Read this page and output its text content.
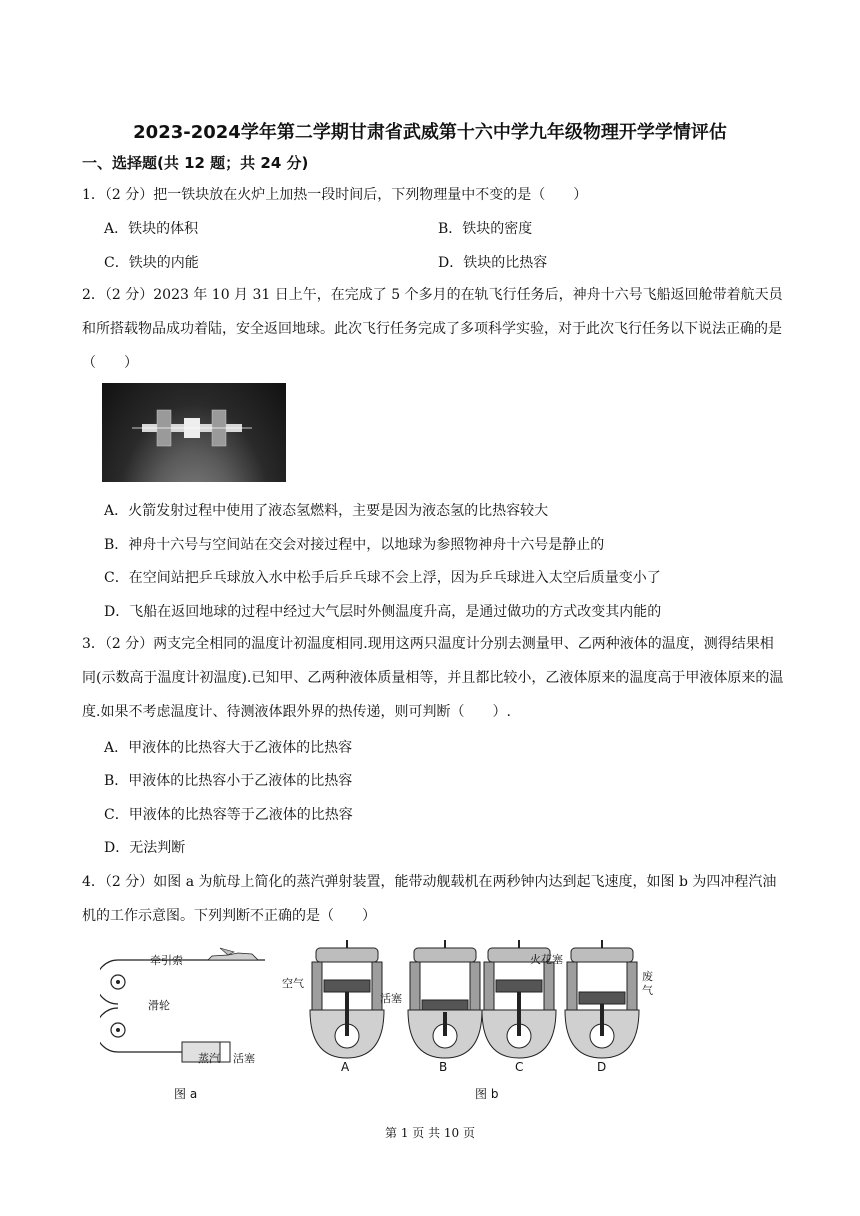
2023-2024学年第二学期甘肃省武威第十六中学九年级物理开学学情评估
一、选择题(共 12 题；共 24 分)
1．（2 分）把一铁块放在火炉上加热一段时间后，下列物理量中不变的是（　　）
A．铁块的体积	B．铁块的密度
C．铁块的内能	D．铁块的比热容
2．（2 分）2023 年 10 月 31 日上午，在完成了 5 个多月的在轨飞行任务后，神舟十六号飞船返回舱带着航天员和所搭载物品成功着陆，安全返回地球。此次飞行任务完成了多项科学实验，对于此次飞行任务以下说法正确的是（　　）
A．火箭发射过程中使用了液态氢燃料，主要是因为液态氢的比热容较大
B．神舟十六号与空间站在交会对接过程中，以地球为参照物神舟十六号是静止的
C．在空间站把乒乓球放入水中松手后乒乓球不会上浮，因为乒乓球进入太空后质量变小了
D．飞船在返回地球的过程中经过大气层时外侧温度升高，是通过做功的方式改变其内能的
3．（2 分）两支完全相同的温度计初温度相同.现用这两只温度计分别去测量甲、乙两种液体的温度，测得结果相同(示数高于温度计初温度).已知甲、乙两种液体质量相等，并且都比较小，乙液体原来的温度高于甲液体原来的温度.如果不考虑温度计、待测液体跟外界的热传递，则可判断（　　）.
A．甲液体的比热容大于乙液体的比热容
B．甲液体的比热容小于乙液体的比热容
C．甲液体的比热容等于乙液体的比热容
D．无法判断
4．（2 分）如图 a 为航母上简化的蒸汽弹射装置，能带动舰载机在两秒钟内达到起飞速度，如图 b 为四冲程汽油机的工作示意图。下列判断不正确的是（　　）
牵引索
滑轮
蒸汽 活塞
图 a
空气
活塞
火花塞
废
气
A	B	C	D
图 b
第 1 页 共 10 页
